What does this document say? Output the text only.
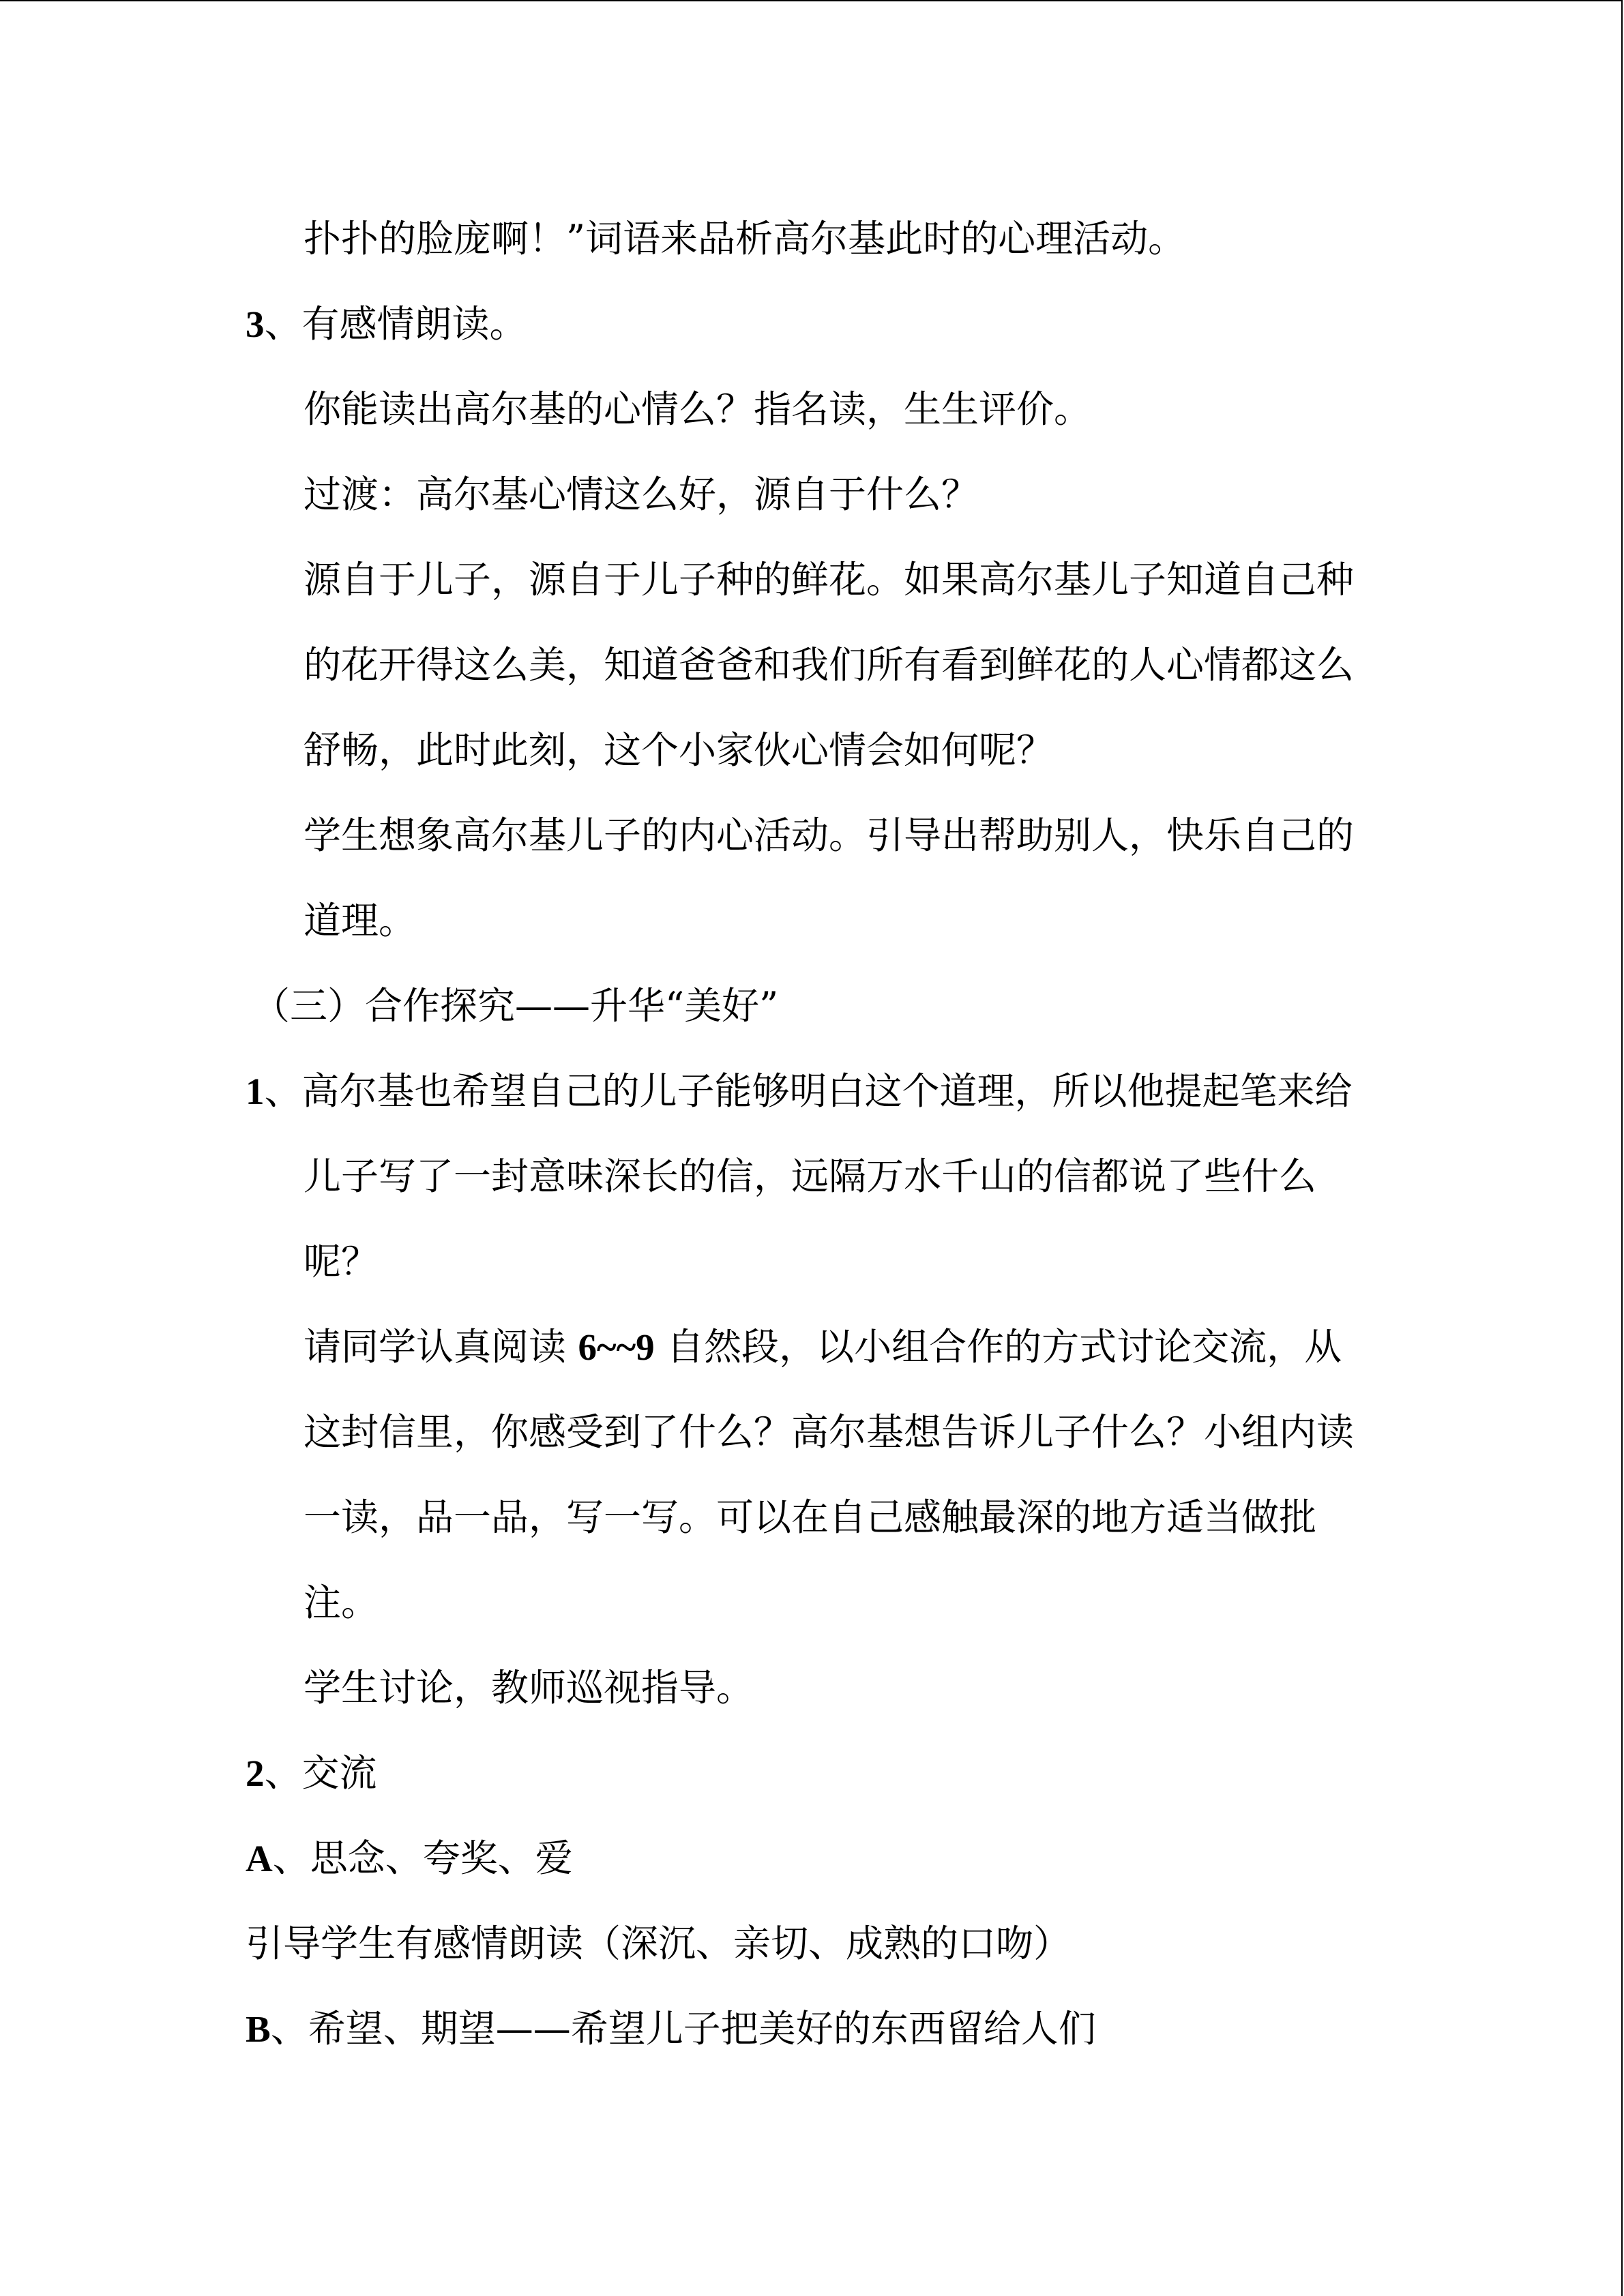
扑扑的脸庞啊！”词语来品析高尔基此时的心理活动。
3、有感情朗读。
你能读出高尔基的心情么？指名读，生生评价。
过渡：高尔基心情这么好，源自于什么？
源自于儿子，源自于儿子种的鲜花。如果高尔基儿子知道自己种
的花开得这么美，知道爸爸和我们所有看到鲜花的人心情都这么
舒畅，此时此刻，这个小家伙心情会如何呢？
学生想象高尔基儿子的内心活动。引导出帮助别人，快乐自己的
道理。
（三）合作探究——升华“美好”
1、高尔基也希望自己的儿子能够明白这个道理，所以他提起笔来给
儿子写了一封意味深长的信，远隔万水千山的信都说了些什么
呢？
请同学认真阅读 6~~9 自然段，以小组合作的方式讨论交流，从
这封信里，你感受到了什么？高尔基想告诉儿子什么？小组内读
一读，品一品，写一写。可以在自己感触最深的地方适当做批
注。
学生讨论，教师巡视指导。
2、交流
A、思念、夸奖、爱
引导学生有感情朗读（深沉、亲切、成熟的口吻）
B、希望、期望——希望儿子把美好的东西留给人们
